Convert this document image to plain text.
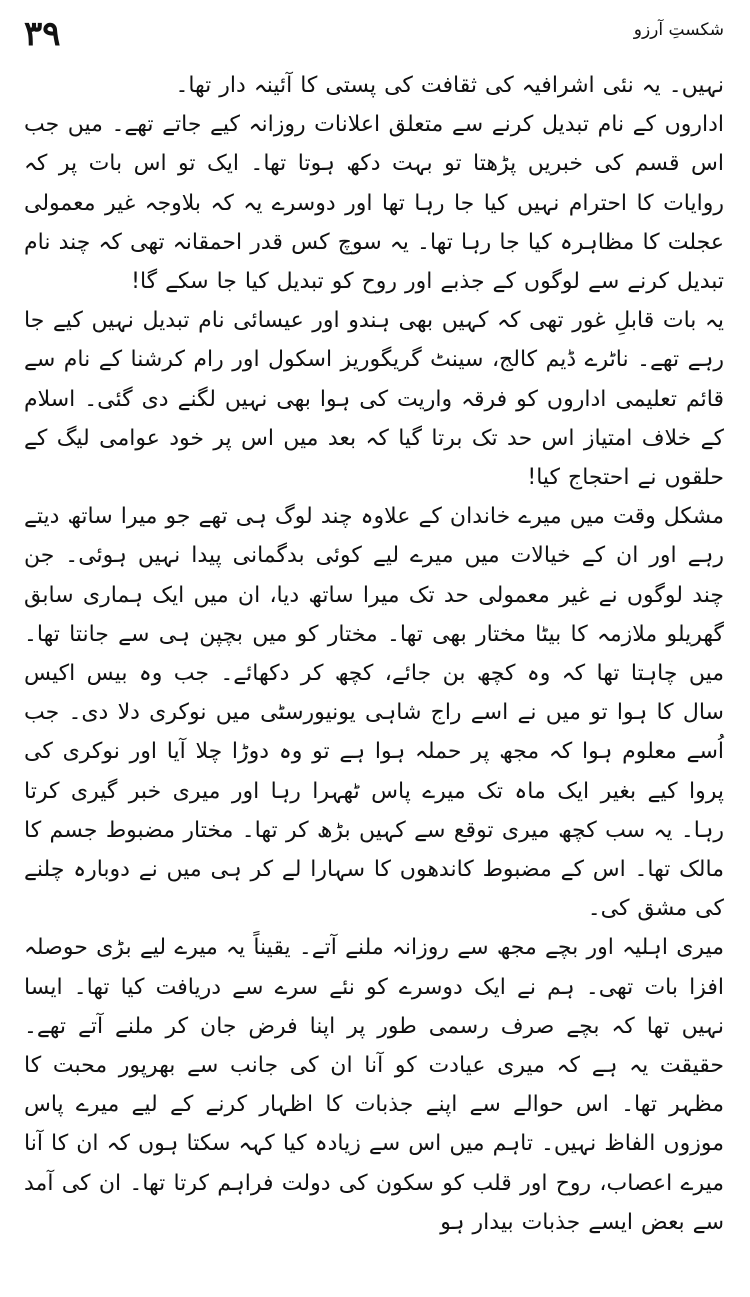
۳۹	شکستِ آرزو

نہیں۔ یہ نئی اشرافیہ کی ثقافت کی پستی کا آئینہ دار تھا۔

اداروں کے نام تبدیل کرنے سے متعلق اعلانات روزانہ کیے جاتے تھے۔ میں جب اس قسم کی خبریں پڑھتا تو بہت دکھ ہوتا تھا۔ ایک تو اس بات پر کہ روایات کا احترام نہیں کیا جا رہا تھا اور دوسرے یہ کہ بلاوجہ غیر معمولی عجلت کا مظاہرہ کیا جا رہا تھا۔ یہ سوچ کس قدر احمقانہ تھی کہ چند نام تبدیل کرنے سے لوگوں کے جذبے اور روح کو تبدیل کیا جا سکے گا!

یہ بات قابلِ غور تھی کہ کہیں بھی ہندو اور عیسائی نام تبدیل نہیں کیے جا رہے تھے۔ ناٹرے ڈیم کالج، سینٹ گریگوریز اسکول اور رام کرشنا کے نام سے قائم تعلیمی اداروں کو فرقہ واریت کی ہوا بھی نہیں لگنے دی گئی۔ اسلام کے خلاف امتیاز اس حد تک برتا گیا کہ بعد میں اس پر خود عوامی لیگ کے حلقوں نے احتجاج کیا!

مشکل وقت میں میرے خاندان کے علاوہ چند لوگ ہی تھے جو میرا ساتھ دیتے رہے اور ان کے خیالات میں میرے لیے کوئی بدگمانی پیدا نہیں ہوئی۔ جن چند لوگوں نے غیر معمولی حد تک میرا ساتھ دیا، ان میں ایک ہماری سابق گھریلو ملازمہ کا بیٹا مختار بھی تھا۔ مختار کو میں بچپن ہی سے جانتا تھا۔ میں چاہتا تھا کہ وہ کچھ بن جائے، کچھ کر دکھائے۔ جب وہ بیس اکیس سال کا ہوا تو میں نے اسے راج شاہی یونیورسٹی میں نوکری دلا دی۔ جب اُسے معلوم ہوا کہ مجھ پر حملہ ہوا ہے تو وہ دوڑا چلا آیا اور نوکری کی پروا کیے بغیر ایک ماہ تک میرے پاس ٹھہرا رہا اور میری خبر گیری کرتا رہا۔ یہ سب کچھ میری توقع سے کہیں بڑھ کر تھا۔ مختار مضبوط جسم کا مالک تھا۔ اس کے مضبوط کاندھوں کا سہارا لے کر ہی میں نے دوبارہ چلنے کی مشق کی۔

میری اہلیہ اور بچے مجھ سے روزانہ ملنے آتے۔ یقیناً یہ میرے لیے بڑی حوصلہ افزا بات تھی۔ ہم نے ایک دوسرے کو نئے سرے سے دریافت کیا تھا۔ ایسا نہیں تھا کہ بچے صرف رسمی طور پر اپنا فرض جان کر ملنے آتے تھے۔ حقیقت یہ ہے کہ میری عیادت کو آنا ان کی جانب سے بھرپور محبت کا مظہر تھا۔ اس حوالے سے اپنے جذبات کا اظہار کرنے کے لیے میرے پاس موزوں الفاظ نہیں۔ تاہم میں اس سے زیادہ کیا کہہ سکتا ہوں کہ ان کا آنا میرے اعصاب، روح اور قلب کو سکون کی دولت فراہم کرتا تھا۔ ان کی آمد سے بعض ایسے جذبات بیدار ہو
